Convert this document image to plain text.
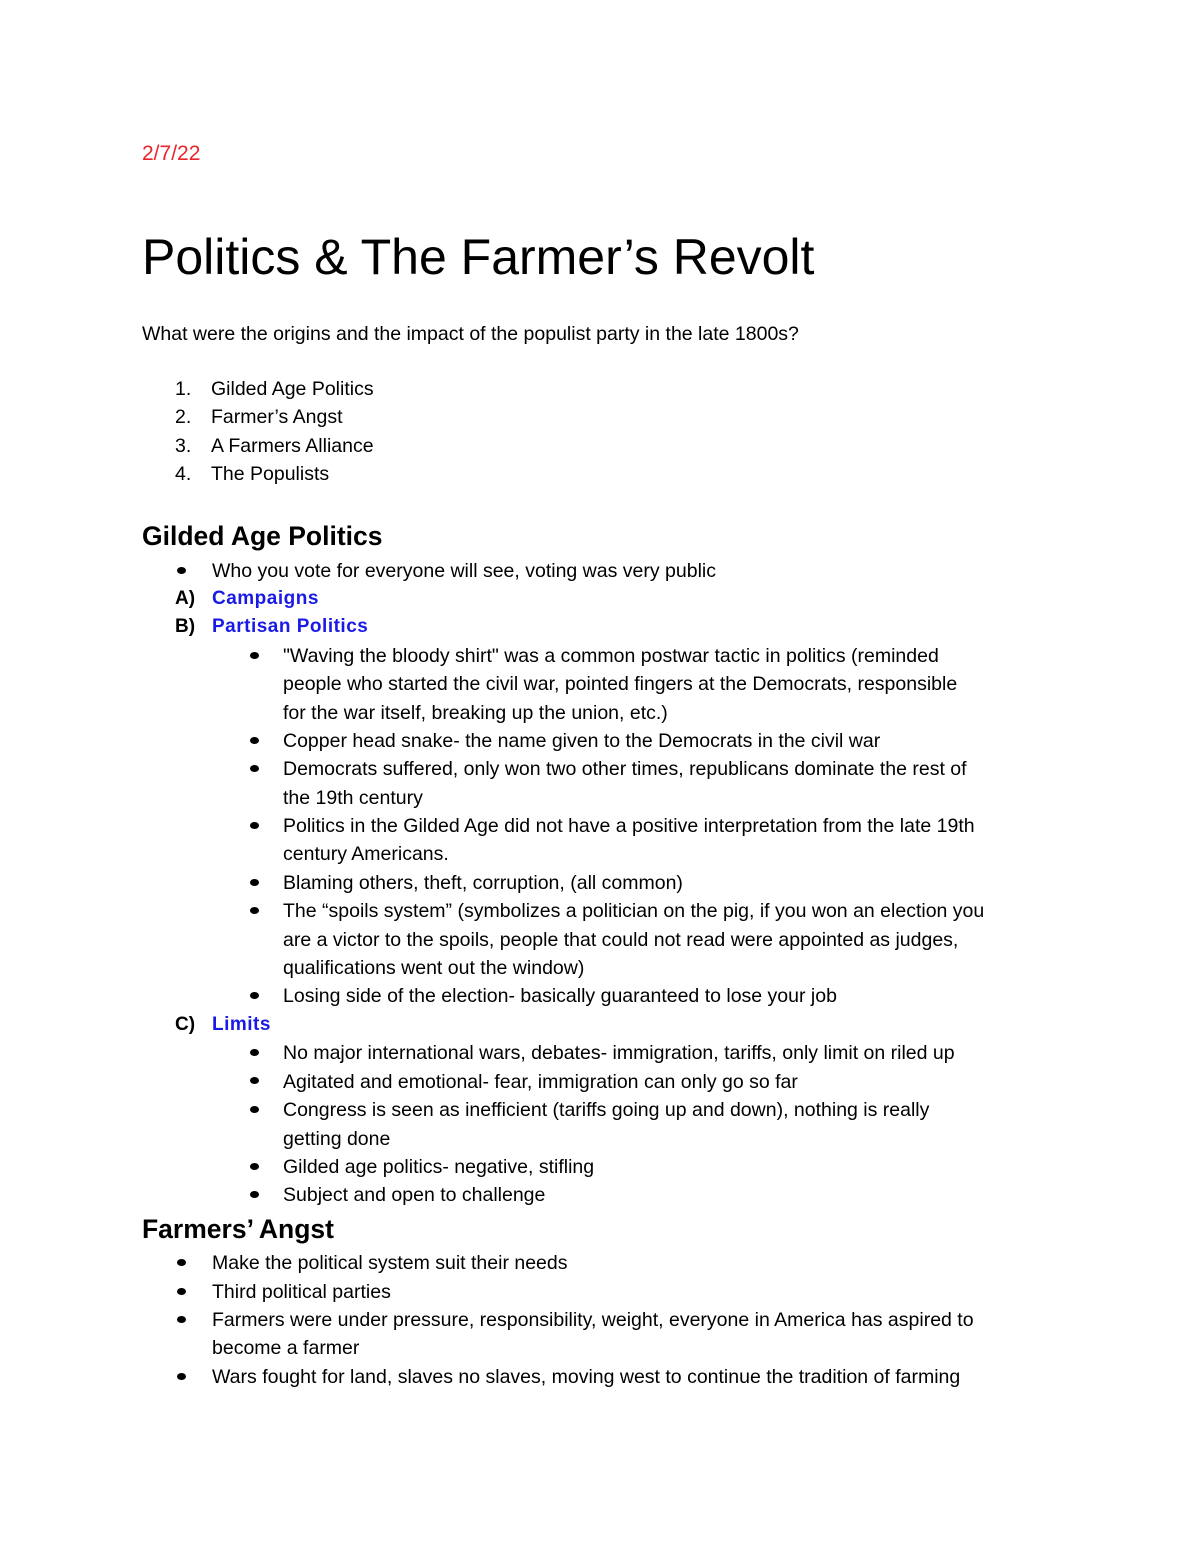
2/7/22
Politics & The Farmer’s Revolt
What were the origins and the impact of the populist party in the late 1800s?
1.	Gilded Age Politics
2.	Farmer’s Angst
3.	A Farmers Alliance
4.	The Populists
Gilded Age Politics
Who you vote for everyone will see, voting was very public
A) Campaigns
B) Partisan Politics
"Waving the bloody shirt" was a common postwar tactic in politics (reminded
people who started the civil war, pointed fingers at the Democrats, responsible
for the war itself, breaking up the union, etc.)
Copper head snake- the name given to the Democrats in the civil war
Democrats suffered, only won two other times, republicans dominate the rest of
the 19th century
Politics in the Gilded Age did not have a positive interpretation from the late 19th
century Americans.
Blaming others, theft, corruption, (all common)
The “spoils system” (symbolizes a politician on the pig, if you won an election you
are a victor to the spoils, people that could not read were appointed as judges,
qualifications went out the window)
Losing side of the election- basically guaranteed to lose your job
C) Limits
No major international wars, debates- immigration, tariffs, only limit on riled up
Agitated and emotional- fear, immigration can only go so far
Congress is seen as inefficient (tariffs going up and down), nothing is really
getting done
Gilded age politics- negative, stifling
Subject and open to challenge
Farmers’ Angst
Make the political system suit their needs
Third political parties
Farmers were under pressure, responsibility, weight, everyone in America has aspired to
become a farmer
Wars fought for land, slaves no slaves, moving west to continue the tradition of farming
